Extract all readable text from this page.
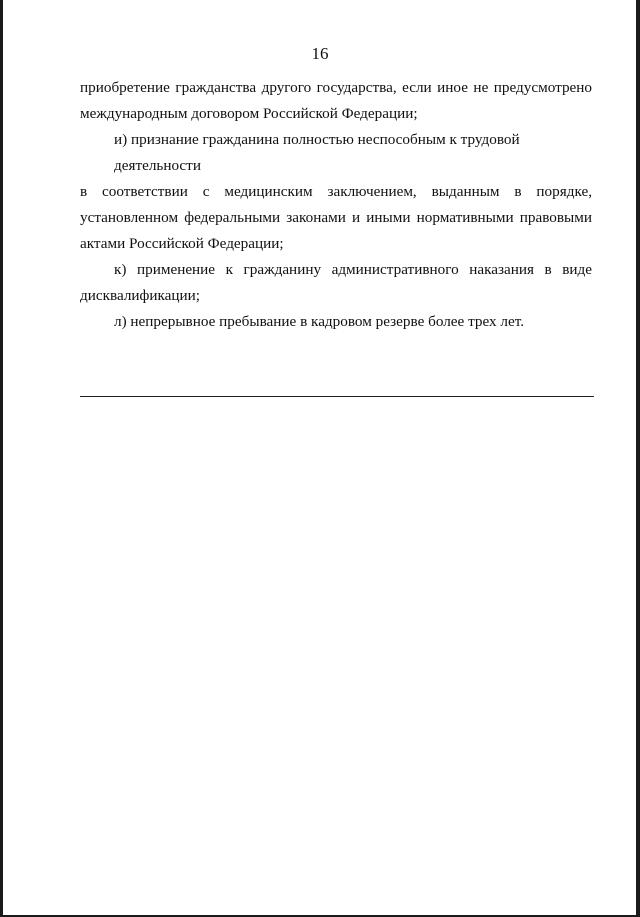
16

приобретение гражданства другого государства, если иное не предусмотрено
международным договором Российской Федерации;

и) признание гражданина полностью неспособным к трудовой деятельности
в соответствии с медицинским заключением, выданным в порядке,
установленном федеральными законами и иными нормативными правовыми
актами Российской Федерации;

к) применение к гражданину административного наказания в виде
дисквалификации;

л) непрерывное пребывание в кадровом резерве более трех лет.
